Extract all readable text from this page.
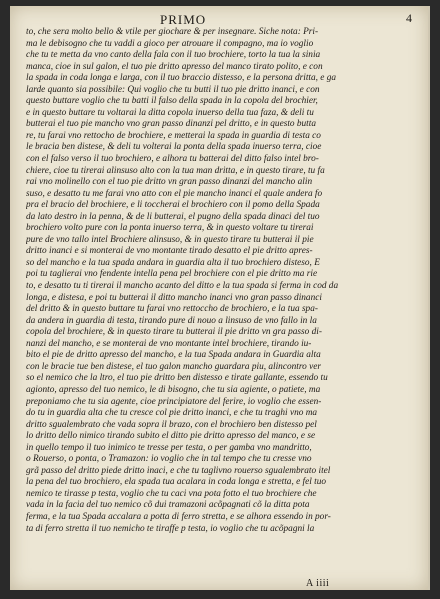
PRIMO	4
to, che sera molto bello & vtile per giochare & per insegnare. Siche nota: Pri-
ma le debisogno che tu vaddi a gioco per atrouare il compagno, ma io voglio
che tu te metta da vno canto della fala con il tuo brochiere, torto la tua la sinia
manca, cioe in sul galon, el tuo pie dritto apresso del manco tirato polito, e con
la spada in coda longa e larga, con il tuo braccio distesso, e la persona dritta, e ga
larde quanto sia possibile: Qui voglio che tu butti il tuo pie dritto inanci, e con
questo buttare voglio che tu batti il falso della spada in la copola del brochier,
e in questo buttare tu voltarai la ditta copola inuerso della tua faza, & deli tu
butterai el tuo pie mancho vno gran passo dinanzi pel dritto, e in questo butta
re, tu farai vno rettocho de brochiere, e metterai la spada in guardia di testa co
le bracia ben distese, & deli tu volterai la ponta della spada inuerso terra, cioe
con el falso verso il tuo brochiero, e alhora tu batterai del ditto falso intel bro-
chiere, cioe tu tirerai alinsuso alto con la tua man dritta, e in questo tirare, tu fa
rai vno molinello con el tuo pie dritto vn gran passo dinanzi del mancho alin
suso, e desatto tu me farai vno atto con el pie mancho inanci el quale andera fo
pra el bracio del brochiere, e li toccherai el brochiero con il pomo della Spada
da lato destro in la penna, & de li butterai, el pugno della spada dinaci del tuo
brochiero volto pure con la ponta inuerso terra, & in questo voltare tu tirerai
pure de vno tallo intel Brochiere alinsuso, & in questo tirare tu butterai il pie
dritto inanci e si monterai de vno montante tirado desatto el pie dritto apres-
so del mancho e la tua spada andara in guardia alta il tuo brochiero disteso, E
poi tu taglierai vno fendente intella pena pel brochiere con el pie dritto ma rie
to, e desatto tu ti tirerai il mancho acanto del ditto e la tua spada si ferma in cod da
longa, e distesa, e poi tu butterai il ditto mancho inanci vno gran passo dinanci
del dritto & in questo buttare tu farai vno rettoccho de brochiero, e la tua spa-
da andera in guardia di testa, tirando pure di nouo a linsuso de vno fallo in la
copola del brochiere, & in questo tirare tu butterai il pie dritto vn gra passo di-
nanzi del mancho, e se monterai de vno montante intel brochiere, tirando iu-
bito el pie de dritto apresso del mancho, e la tua Spada andara in Guardia alta
con le bracie tue ben distese, el tuo galon mancho guardara piu, alincontro ver
so el nemico che la ltro, el tuo pie dritto ben distesso e tirate gallante, essendo tu
agionto, apresso del tuo nemico, le di bisogno, che tu sia agiente, o patiete, ma
preponiamo che tu sia agente, cioe principiatore del ferire, io voglio che essen-
do tu in guardia alta che tu cresce col pie dritto inanci, e che tu traghi vno ma
dritto sgualembrato che vada sopra il brazo, con el brochiero ben distesso pel
lo dritto dello nimico tirando subito el ditto pie dritto apresso del manco, e se
in quello tempo il tuo inimico te tresse per testa, o per gamba vno mandritto,
o Rouerso, o ponta, o Tramazon: io voglio che in tal tempo che tu cresse vno
grã passo del dritto piede dritto inaci, e che tu taglivno rouerso sgualembrato itel
la pena del tuo brochiero, ela spada tua acalara in coda longa e stretta, e fel tuo
nemico te tirasse p testa, voglio che tu caci vna pota fotto el tuo brochiere che
vada in la facia del tuo nemico cõ dui tramazoni acõpagnati cõ la ditta pota
ferma, e la tua Spada accalara a potta di ferro stretta, e se alhora essendo in por-
ta di ferro stretta il tuo nemicho te tiraffe p testa, io voglio che tu acõpagni la
A iiii
